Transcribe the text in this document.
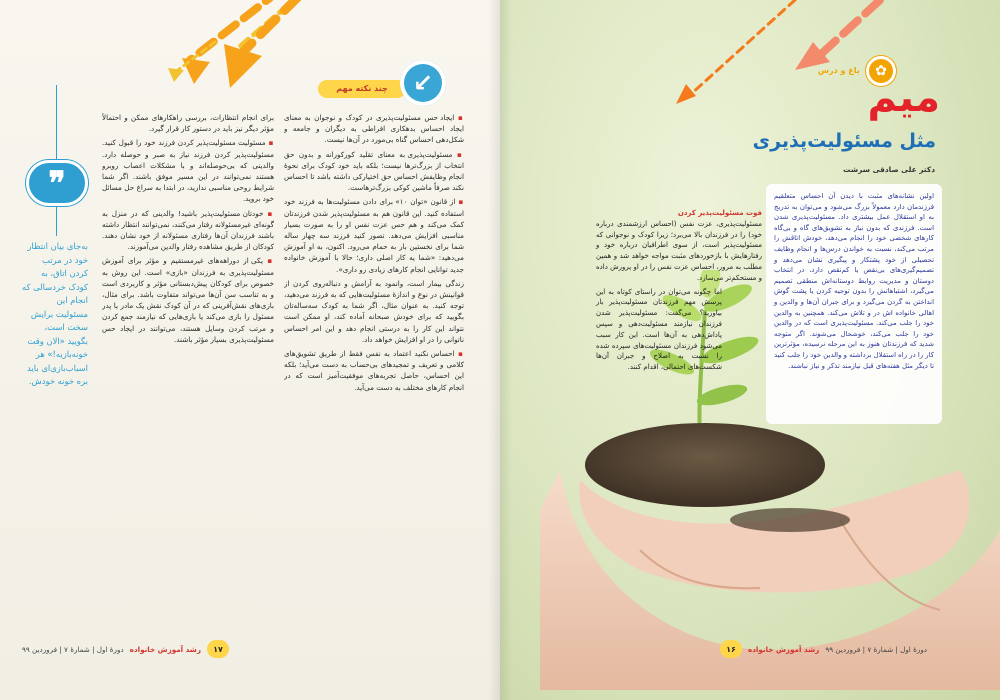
چند نکته مهم	↙

▪ ایجاد حس مسئولیت‌پذیری در کودک و نوجوان به معنای ایجاد احساس بدهکاری افراطی به دیگران و جامعه و شکل‌دهی احساس گناه بی‌مورد در آن‌ها نیست.

▪ مسئولیت‌پذیری به معنای تقلید کورکورانه و بدون حق انتخاب از بزرگ‌ترها نیست؛ بلکه باید خود کودک برای نحوهٔ انجام وظایفش احساس حق اختیارکی داشته باشد تا احساس نکند صرفاً ماشین کوکی بزرگ‌ترهاست.

▪ از قانون «توان ۱۰» برای دادن مسئولیت‌ها به فرزند خود استفاده کنید. این قانون هم به مسئولیت‌پذیر شدن فرزندتان کمک می‌کند و هم حس عزت نفس او را به صورت بسیار مناسبی افزایش می‌دهد. تصور کنید فرزند سه چهار ساله شما برای نخستین بار به حمام می‌رود. اکنون، به او آموزش می‌دهید: «شما یه کار اصلی داری؛ حالا با آموزش خانواده جدید توانایی انجام کارهای زیادی رو داری».

زندگی بیمار است، وانمود به آرامش و دنباله‌روی کردن از قوانینش در نوع و اندازهٔ مسئولیت‌هایی که به فرزند می‌دهید، توجه کنید. به عنوان مثال، اگر شما به کودک سه‌ساله‌تان بگویید که برای خودش صبحانه آماده کند، او ممکن است نتواند این کار را به درستی انجام دهد و این امر احساس ناتوانی را در او افزایش خواهد داد.

▪ احساس نکنید اعتماد به نفس فقط از طریق تشویق‌های کلامی و تعریف و تمجیدهای بی‌حساب به دست می‌آید؛ بلکه این احساس، حاصل تجربه‌های موفقیت‌آمیز است که در انجام کارهای مختلف به دست می‌آید.

برای انجام انتظارات، بررسی راهکارهای ممکن و احتمالاً مؤثر دیگر نیز باید در دستور کار قرار گیرد.

▪ مسئولیت مسئولیت‌پذیر کردن فرزند خود را قبول کنید. مسئولیت‌پذیر کردن فرزند نیاز به صبر و حوصله دارد. والدینی که بی‌حوصله‌اند و با مشکلات اعصاب روبرو هستند نمی‌توانند در این مسیر موفق باشند. اگر شما شرایط روحی مناسبی ندارید، در ابتدا به سراغ حل مسائل خود بروید.

▪ خودتان مسئولیت‌پذیر باشید! والدینی که در منزل به گونه‌ای غیرمسئولانه رفتار می‌کنند، نمی‌توانند انتظار داشته باشند فرزندان آن‌ها رفتاری مسئولانه از خود نشان دهند. کودکان از طریق مشاهده رفتار والدین می‌آموزند.

▪ یکی از دوراهه‌های غیرمستقیم و مؤثر برای آموزش مسئولیت‌پذیری به فرزندان «بازی» است. این روش به خصوص برای کودکان پیش‌دبستانی مؤثر و کاربردی است و به تناسب سن آن‌ها می‌تواند متفاوت باشد. برای مثال، بازی‌های نقش‌آفرینی که در آن کودک نقش یک مادر یا پدر مسئول را بازی می‌کند یا بازی‌هایی که نیازمند جمع کردن و مرتب کردن وسایل هستند، می‌توانند در ایجاد حس مسئولیت‌پذیری بسیار مؤثر باشند.

❞
به‌جای بیان انتظار خود در مرتب کردن اتاق، به کودک خردسالی که انجام این مسئولیت برایش سخت است، بگویید «الان وقت خونه‌بازیه!» هر اسباب‌بازی‌ای باید بره خونه خودش.
۱۷
رشد آموزش خانواده
دورهٔ اول | شمارهٔ ۷ | فروردین ۹۹
باغ و درس	✿
میم
مثل مسئولیت‌پذیری
دکتر علی صادقی سرشت
اولین نشانه‌های مثبت با دیدن آن احساس متعلقیم فرزندمان دارد معمولاً بزرگ می‌شود و می‌توان به تدریج به او استقلال عمل بیشتری داد. مسئولیت‌پذیری شدن است. فرزندی که بدون نیاز به تشویق‌های گاه و بی‌گاه کارهای شخصی خود را انجام می‌دهد، خودش اتاقش را مرتب می‌کند، نسبت به خواندن درس‌ها و انجام وظایف تحصیلی از خود پشتکار و پیگیری نشان می‌دهد و تصمیم‌گیری‌های بی‌نقص یا کم‌نقص دارد، در انتخاب دوستان و مدیریت روابط دوستانه‌اش منطقی تصمیم می‌گیرد، اشتباهاتش را بدون توجیه کردن یا پشت گوش انداختن به گردن می‌گیرد و برای جبران آن‌ها و والدین و اهالی خانواده اش در و تلاش می‌کند. همچنین به والدین خود را جلب می‌کند. مسئولیت‌پذیری است که در والدین خود را جلب می‌کند، خوشحال می‌شوند. اگر متوجه شدید که فرزندتان هنوز به این مرحله نرسیده، مؤثرترین کار را در راه استقلال برداشته و والدین خود را جلب کنید تا دیگر مثل هفته‌های قبل نیازمند تذکر و نیاز نباشند.

فوت مسئولیت‌پذیر کردن

مسئولیت‌پذیری، عزت نفس (احساس ارزشمندی درباره خود) را در فرزندان بالا می‌برد؛ زیرا کودک و نوجوانی که مسئولیت‌پذیر است، از سوی اطرافیان درباره خود و رفتارهایش با بازخوردهای مثبت مواجه خواهد شد و همین مطلب به مرور، احساس عزت نفس را در او پرورش داده و مستحکم‌تر می‌سازد.

اما چگونه می‌توان در راستای کوتاه به این پرسش مهم فرزندتان مسئولیت‌پذیر بار بیاورید؟ می‌گفت: مسئولیت‌پذیر شدن فرزندان نیازمند مسئولیت‌دهی و سپس پاداش‌دهی به آن‌ها است. این کار سبب می‌شود فرزندان مسئولیت‌های سپرده شده را نسبت به اصلاح و جبران آن‌ها شکست‌های احتمالی، اقدام کنند.

دورهٔ اول | شمارهٔ ۷ | فروردین ۹۹
رشد آموزش خانواده
۱۶
